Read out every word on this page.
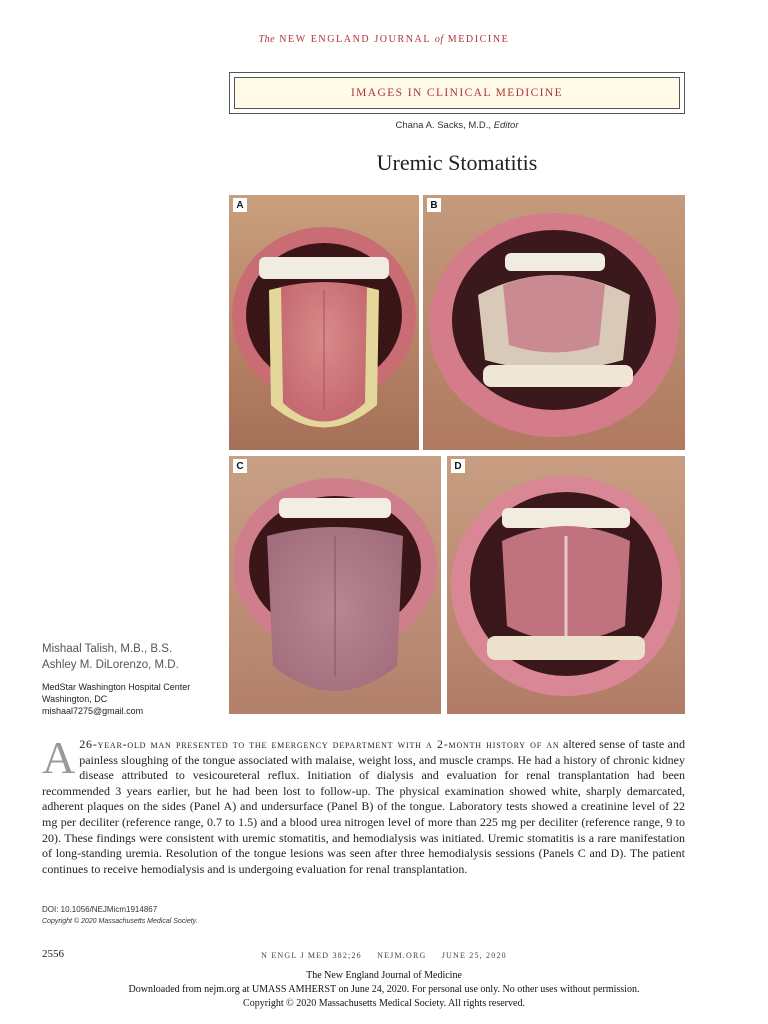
The NEW ENGLAND JOURNAL of MEDICINE
IMAGES IN CLINICAL MEDICINE
Chana A. Sacks, M.D., Editor
Uremic Stomatitis
A	B
C	D
Mishaal Talish, M.B., B.S.
Ashley M. DiLorenzo, M.D.
MedStar Washington Hospital Center
Washington, DC
mishaal7275@gmail.com
A 26-year-old man presented to the emergency department with a 2-month history of an altered sense of taste and painless sloughing of the tongue associated with malaise, weight loss, and muscle cramps. He had a history of chronic kidney disease attributed to vesicoureteral reflux. Initiation of dialysis and evaluation for renal transplantation had been recommended 3 years earlier, but he had been lost to follow-up. The physical examination showed white, sharply demarcated, adherent plaques on the sides (Panel A) and undersurface (Panel B) of the tongue. Laboratory tests showed a creatinine level of 22 mg per deciliter (reference range, 0.7 to 1.5) and a blood urea nitrogen level of more than 225 mg per deciliter (reference range, 9 to 20). These findings were consistent with uremic stomatitis, and hemodialysis was initiated. Uremic stomatitis is a rare manifestation of long-standing uremia. Resolution of the tongue lesions was seen after three hemodialysis sessions (Panels C and D). The patient continues to receive hemodialysis and is undergoing evaluation for renal transplantation.
DOI: 10.1056/NEJMicm1914867
Copyright © 2020 Massachusetts Medical Society.
2556	N ENGL J MED 382;26 NEJM.ORG JUNE 25, 2020
The New England Journal of Medicine
Downloaded from nejm.org at UMASS AMHERST on June 24, 2020. For personal use only. No other uses without permission.
Copyright © 2020 Massachusetts Medical Society. All rights reserved.
